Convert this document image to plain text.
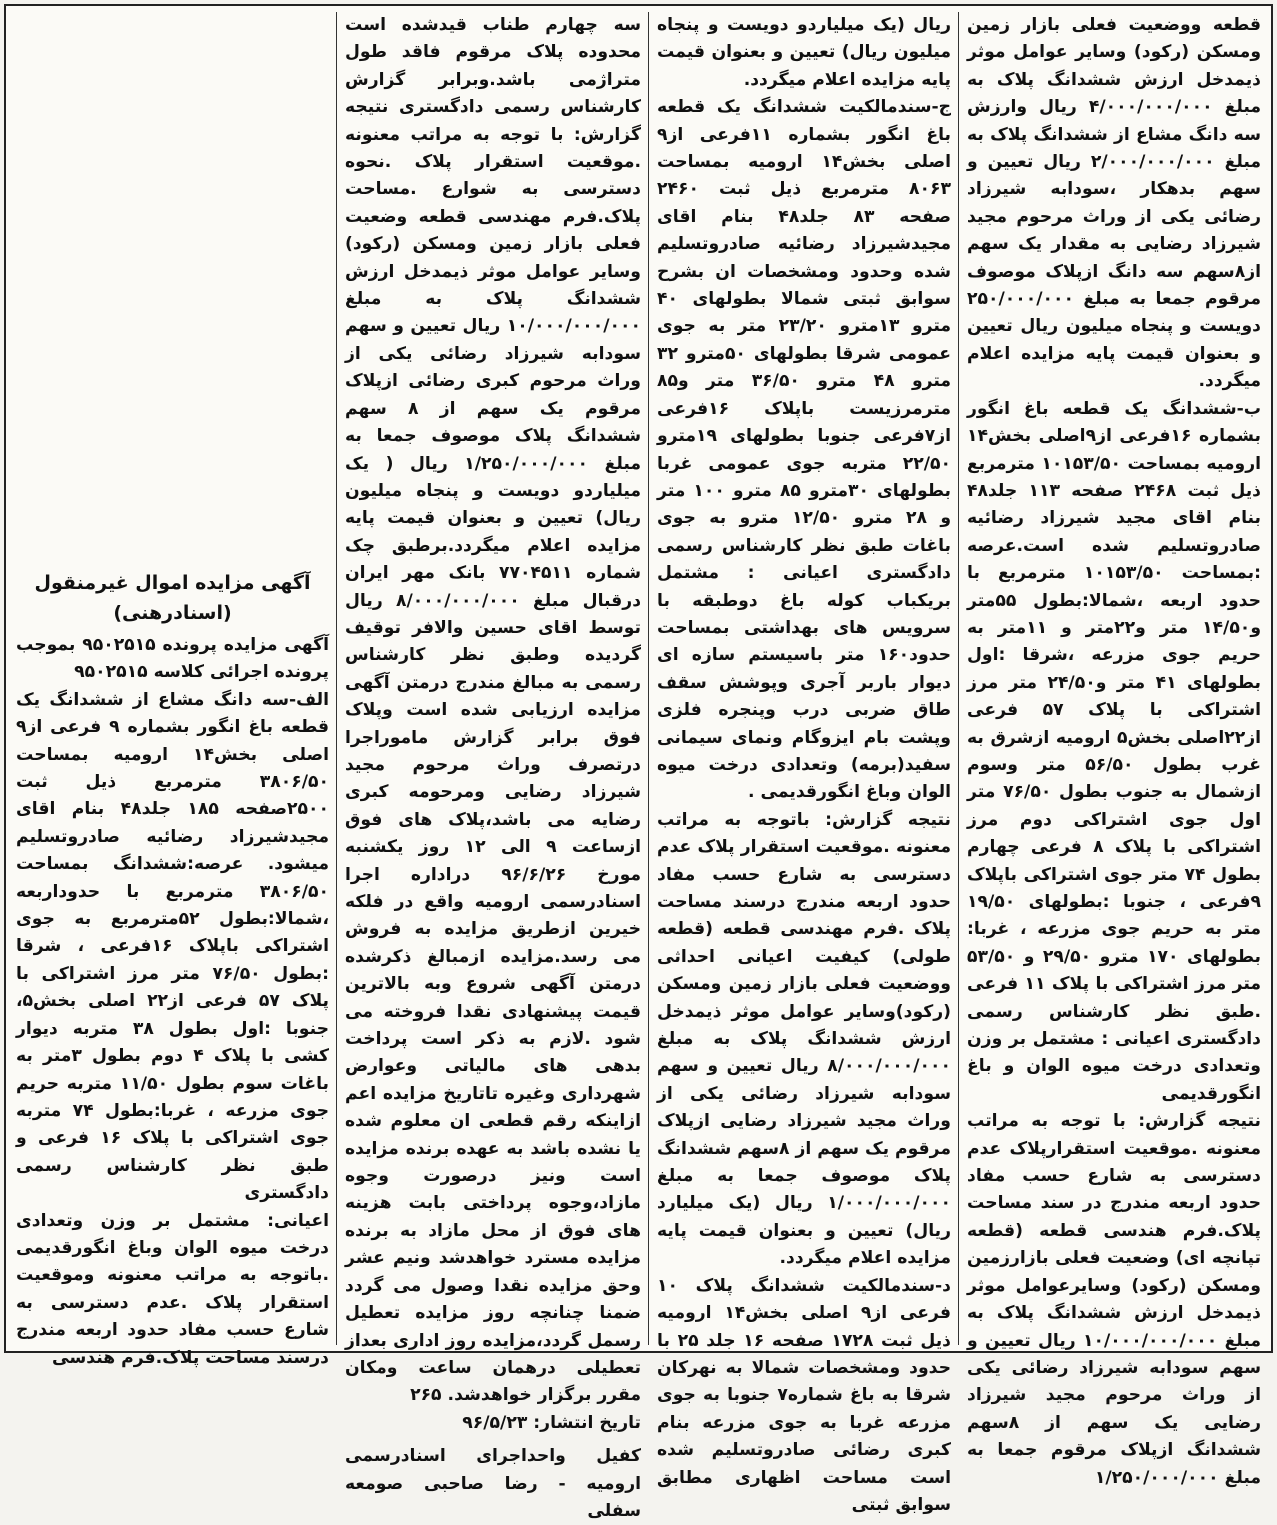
قطعه ووضعیت فعلی بازار زمین ومسکن (رکود) وسایر عوامل موثر ذیمدخل ارزش ششدانگ پلاک به مبلغ ۴/۰۰۰/۰۰۰/۰۰۰ ریال وارزش سه دانگ مشاع از ششدانگ پلاک به مبلغ ۲/۰۰۰/۰۰۰/۰۰۰ ریال تعیین و سهم بدهکار ،سودابه شیرزاد رضائی یکی از وراث مرحوم مجید شیرزاد رضایی به مقدار یک سهم از۸سهم سه دانگ ازپلاک موصوف مرقوم جمعا به مبلغ ۲۵۰/۰۰۰/۰۰۰ دویست و پنجاه میلیون ریال تعیین و بعنوان قیمت پایه مزایده اعلام میگردد.

ب-ششدانگ یک قطعه باغ انگور بشماره ۱۶فرعی از۹اصلی بخش۱۴ ارومیه بمساحت ۱۰۱۵۳/۵۰ مترمربع ذیل ثبت ۲۴۶۸ صفحه ۱۱۳ جلد۴۸ بنام اقای مجید شیرزاد رضائیه صادروتسلیم شده است.عرصه :بمساحت ۱۰۱۵۳/۵۰ مترمربع با حدود اربعه ،شمالا:بطول ۵۵متر و۱۴/۵۰ متر و۲۲متر و ۱۱متر به حریم جوی مزرعه ،شرقا :اول بطولهای ۴۱ متر و۲۴/۵۰ متر مرز اشتراکی با پلاک ۵۷ فرعی از۲۲اصلی بخش۵ ارومیه ازشرق به غرب بطول ۵۶/۵۰ متر وسوم ازشمال به جنوب بطول ۷۶/۵۰ متر اول جوی اشتراکی دوم مرز اشتراکی با پلاک ۸ فرعی چهارم بطول ۷۴ متر جوی اشتراکی باپلاک ۹فرعی ، جنوبا :بطولهای ۱۹/۵۰ متر به حریم جوی مزرعه ، غربا: بطولهای ۱۷۰ مترو ۲۹/۵۰ و ۵۳/۵۰ متر مرز اشتراکی با پلاک ۱۱ فرعی .طبق نظر کارشناس رسمی دادگستری اعیانی : مشتمل بر وزن وتعدادی درخت میوه الوان و باغ انگورقدیمی

نتیجه گزارش: با توجه به مراتب معنونه .موقعیت استقرارپلاک عدم دسترسی به شارع حسب مفاد حدود اربعه مندرج در سند مساحت پلاک.فرم هندسی قطعه (قطعه تپانچه ای) وضعیت فعلی بازارزمین ومسکن (رکود) وسایرعوامل موثر ذیمدخل ارزش ششدانگ پلاک به مبلغ ۱۰/۰۰۰/۰۰۰/۰۰۰ ریال تعیین و سهم سودابه شیرزاد رضائی یکی از وراث مرحوم مجید شیرزاد رضایی یک سهم از ۸سهم ششدانگ ازپلاک مرقوم جمعا به مبلغ ۱/۲۵۰/۰۰۰/۰۰۰

ریال (یک میلیاردو دویست و پنجاه میلیون ریال) تعیین و بعنوان قیمت پایه مزایده اعلام میگردد.

ج-سندمالکیت ششدانگ یک قطعه باغ انگور بشماره ۱۱فرعی از۹ اصلی بخش۱۴ ارومیه بمساحت ۸۰۶۳ مترمربع ذیل ثبت ۲۴۶۰ صفحه ۸۳ جلد۴۸ بنام اقای مجیدشیرزاد رضائیه صادروتسلیم شده وحدود ومشخصات ان بشرح سوابق ثبتی شمالا بطولهای ۴۰ مترو ۱۳مترو ۲۳/۲۰ متر به جوی عمومی شرقا بطولهای ۵۰مترو ۳۲ مترو ۴۸ مترو ۳۶/۵۰ متر و۸۵ مترمرزیست باپلاک ۱۶فرعی از۷فرعی جنوبا بطولهای ۱۹مترو ۲۲/۵۰ متربه جوی عمومی غربا بطولهای ۳۰مترو ۸۵ مترو ۱۰۰ متر و ۲۸ مترو ۱۲/۵۰ مترو به جوی باغات طبق نظر کارشناس رسمی دادگستری اعیانی : مشتمل بریکباب کوله باغ دوطبقه با سرویس های بهداشتی بمساحت حدود۱۶۰ متر باسیستم سازه ای دیوار باربر آجری وپوشش سقف طاق ضربی درب وپنجره فلزی وپشت بام ایزوگام ونمای سیمانی سفید(برمه) وتعدادی درخت میوه الوان وباغ انگورقدیمی .

نتیجه گزارش: باتوجه به مراتب معنونه .موقعیت استقرار پلاک عدم دسترسی به شارع حسب مفاد حدود اربعه مندرج درسند مساحت پلاک .فرم مهندسی قطعه (قطعه طولی) کیفیت اعیانی احداثی ووضعیت فعلی بازار زمین ومسکن (رکود)وسایر عوامل موثر ذیمدخل ارزش ششدانگ پلاک به مبلغ ۸/۰۰۰/۰۰۰/۰۰۰ ریال تعیین و سهم سودابه شیرزاد رضائی یکی از وراث مجید شیرزاد رضایی ازپلاک مرقوم یک سهم از ۸سهم ششدانگ پلاک موصوف جمعا به مبلغ ۱/۰۰۰/۰۰۰/۰۰۰ ریال (یک میلیارد ریال) تعیین و بعنوان قیمت پایه مزایده اعلام میگردد.

د-سندمالکیت ششدانگ پلاک ۱۰ فرعی از۹ اصلی بخش۱۴ ارومیه ذیل ثبت ۱۷۲۸ صفحه ۱۶ جلد ۲۵ با حدود ومشخصات شمالا به نهرکان شرقا به باغ شماره۷ جنوبا به جوی مزرعه غربا به جوی مزرعه بنام کبری رضائی صادروتسلیم شده است مساحت اظهاری مطابق سوابق ثبتی

سه چهارم طناب قیدشده است محدوده پلاک مرقوم فاقد طول متراژمی باشد.وبرابر گزارش کارشناس رسمی دادگستری نتیجه گزارش: با توجه به مراتب معنونه .موقعیت استقرار پلاک .نحوه دسترسی به شوارع .مساحت پلاک.فرم مهندسی قطعه وضعیت فعلی بازار زمین ومسکن (رکود) وسایر عوامل موثر ذیمدخل ارزش ششدانگ پلاک به مبلغ ۱۰/۰۰۰/۰۰۰/۰۰۰ ریال تعیین و سهم سودابه شیرزاد رضائی یکی از وراث مرحوم کبری رضائی ازپلاک مرقوم یک سهم از ۸ سهم ششدانگ پلاک موصوف جمعا به مبلغ ۱/۲۵۰/۰۰۰/۰۰۰ ریال ( یک میلیاردو دویست و پنجاه میلیون ریال) تعیین و بعنوان قیمت پایه مزایده اعلام میگردد.برطبق چک شماره ۷۷۰۴۵۱۱ بانک مهر ایران درقبال مبلغ ۸/۰۰۰/۰۰۰/۰۰۰ ریال توسط اقای حسین والافر توقیف گردیده وطبق نظر کارشناس رسمی به مبالغ مندرج درمتن آگهی مزایده ارزیابی شده است وپلاک فوق برابر گزارش ماموراجرا درتصرف وراث مرحوم مجید شیرزاد رضایی ومرحومه کبری رضایه می باشد،پلاک های فوق ازساعت ۹ الی ۱۲ روز یکشنبه مورخ ۹۶/۶/۲۶ دراداره اجرا اسنادرسمی ارومیه واقع در فلکه خیرین ازطریق مزایده به فروش می رسد.مزایده ازمبالغ ذکرشده درمتن آگهی شروع وبه بالاترین قیمت پیشنهادی نقدا فروخته می شود .لازم به ذکر است پرداخت بدهی های مالیاتی وعوارض شهرداری وغیره تاتاریخ مزایده اعم ازاینکه رقم قطعی ان معلوم شده یا نشده باشد به عهده برنده مزایده است ونیز درصورت وجوه مازاد،وجوه پرداختی بابت هزینه های فوق از محل مازاد به برنده مزایده مسترد خواهدشد ونیم عشر وحق مزایده نقدا وصول می گردد ضمنا چنانچه روز مزایده تعطیل رسمل گردد،مزایده روز اداری بعداز تعطیلی درهمان ساعت ومکان مقرر برگزار خواهدشد. ۲۶۵

تاریخ انتشار: ۹۶/۵/۲۳

کفیل واحداجرای اسنادرسمی ارومیه - رضا صاحبی صومعه سفلی

آگهی مزایده اموال غیرمنقول (اسنادرهنی)

آگهی مزایده پرونده ۹۵۰۲۵۱۵ بموجب پرونده اجرائی کلاسه ۹۵۰۲۵۱۵

الف-سه دانگ مشاع از ششدانگ یک قطعه باغ انگور بشماره ۹ فرعی از۹ اصلی بخش۱۴ ارومیه بمساحت ۳۸۰۶/۵۰ مترمربع ذیل ثبت ۲۵۰۰صفحه ۱۸۵ جلد۴۸ بنام اقای مجیدشیرزاد رضائیه صادروتسلیم میشود. عرصه:ششدانگ بمساحت ۳۸۰۶/۵۰ مترمربع با حدوداربعه ،شمالا:بطول ۵۲مترمربع به جوی اشتراکی باپلاک ۱۶فرعی ، شرقا :بطول ۷۶/۵۰ متر مرز اشتراکی با پلاک ۵۷ فرعی از۲۲ اصلی بخش۵، جنوبا :اول بطول ۳۸ متربه دیوار کشی با پلاک ۴ دوم بطول ۳متر به باغات سوم بطول ۱۱/۵۰ متربه حریم جوی مزرعه ، غربا:بطول ۷۴ متربه جوی اشتراکی با پلاک ۱۶ فرعی و طبق نظر کارشناس رسمی دادگستری

اعیانی: مشتمل بر وزن وتعدادی درخت میوه الوان وباغ انگورقدیمی .باتوجه به مراتب معنونه وموقعیت استقرار پلاک .عدم دسترسی به شارع حسب مفاد حدود اربعه مندرج درسند مساحت پلاک.فرم هندسی
